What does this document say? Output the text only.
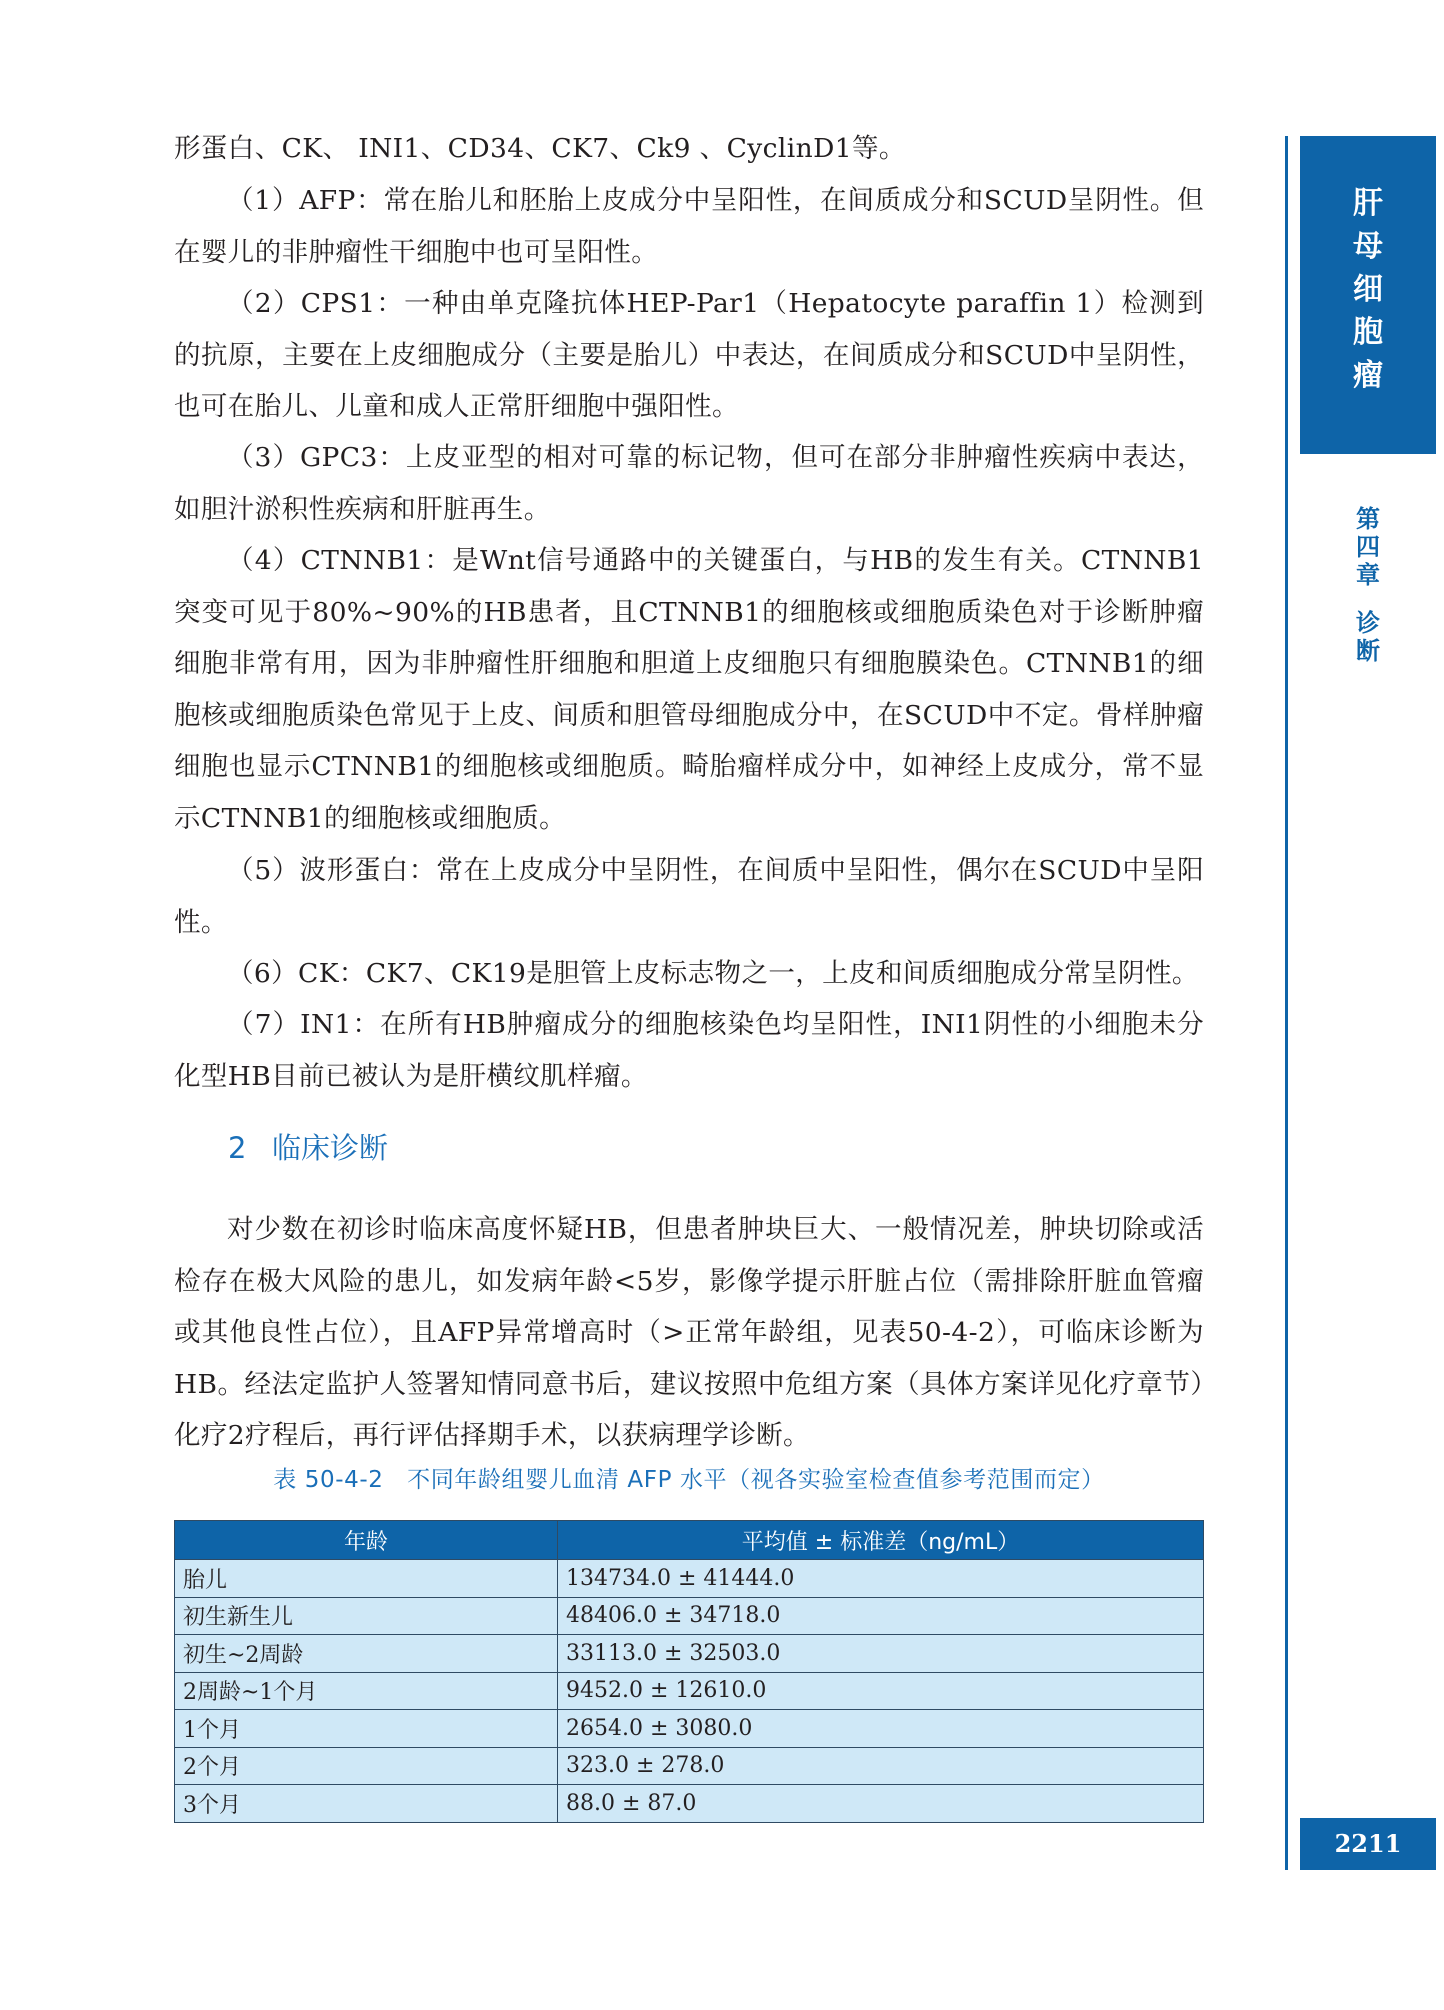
肝
母
细
胞
瘤
第
四
章
诊
断
2211

形蛋白、CK、 INI1、CD34、CK7、Ck9 、CyclinD1等。

（1）AFP：常在胎儿和胚胎上皮成分中呈阳性，在间质成分和SCUD呈阴性。但在婴儿的非肿瘤性干细胞中也可呈阳性。

（2）CPS1：一种由单克隆抗体HEP-Par1（Hepatocyte paraffin 1）检测到的抗原，主要在上皮细胞成分（主要是胎儿）中表达，在间质成分和SCUD中呈阴性，也可在胎儿、儿童和成人正常肝细胞中强阳性。

（3）GPC3：上皮亚型的相对可靠的标记物，但可在部分非肿瘤性疾病中表达，如胆汁淤积性疾病和肝脏再生。

（4）CTNNB1：是Wnt信号通路中的关键蛋白，与HB的发生有关。CTNNB1突变可见于80%~90%的HB患者，且CTNNB1的细胞核或细胞质染色对于诊断肿瘤细胞非常有用，因为非肿瘤性肝细胞和胆道上皮细胞只有细胞膜染色。CTNNB1的细胞核或细胞质染色常见于上皮、间质和胆管母细胞成分中，在SCUD中不定。骨样肿瘤细胞也显示CTNNB1的细胞核或细胞质。畸胎瘤样成分中，如神经上皮成分，常不显示CTNNB1的细胞核或细胞质。

（5）波形蛋白：常在上皮成分中呈阴性，在间质中呈阳性，偶尔在SCUD中呈阳性。

（6）CK：CK7、CK19是胆管上皮标志物之一，上皮和间质细胞成分常呈阴性。

（7）IN1：在所有HB肿瘤成分的细胞核染色均呈阳性，INI1阴性的小细胞未分化型HB目前已被认为是肝横纹肌样瘤。

2 临床诊断

对少数在初诊时临床高度怀疑HB，但患者肿块巨大、一般情况差，肿块切除或活检存在极大风险的患儿，如发病年龄<5岁，影像学提示肝脏占位（需排除肝脏血管瘤或其他良性占位），且AFP异常增高时（>正常年龄组，见表50-4-2），可临床诊断为HB。经法定监护人签署知情同意书后，建议按照中危组方案（具体方案详见化疗章节）化疗2疗程后，再行评估择期手术，以获病理学诊断。

表 50-4-2　不同年龄组婴儿血清 AFP 水平（视各实验室检查值参考范围而定）
年龄	平均值 ± 标准差（ng/mL）
胎儿	134734.0 ± 41444.0
初生新生儿	48406.0 ± 34718.0
初生~2周龄	33113.0 ± 32503.0
2周龄~1个月	9452.0 ± 12610.0
1个月	2654.0 ± 3080.0
2个月	323.0 ± 278.0
3个月	88.0 ± 87.0
